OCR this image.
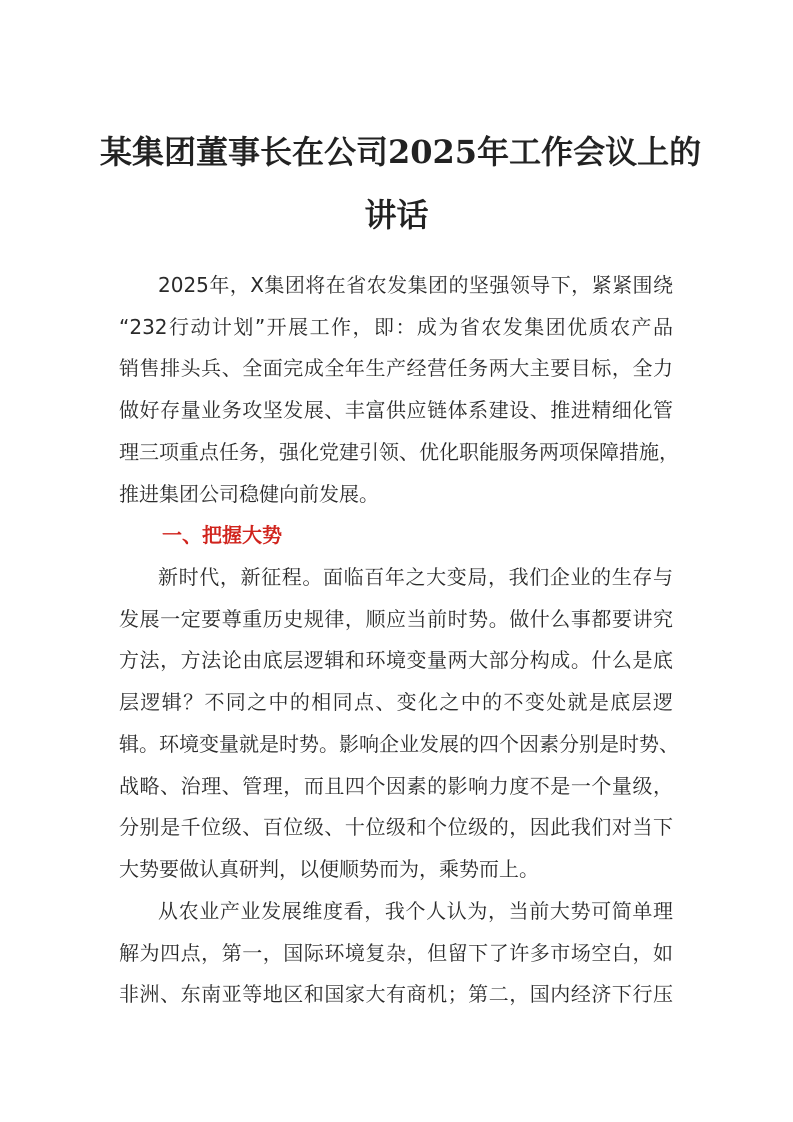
某集团董事长在公司2025年工作会议上的
讲话

2025年，X集团将在省农发集团的坚强领导下，紧紧围绕

“232行动计划”开展工作，即：成为省农发集团优质农产品

销售排头兵、全面完成全年生产经营任务两大主要目标，全力

做好存量业务攻坚发展、丰富供应链体系建设、推进精细化管

理三项重点任务，强化党建引领、优化职能服务两项保障措施，

推进集团公司稳健向前发展。

一、把握大势

新时代，新征程。面临百年之大变局，我们企业的生存与

发展一定要尊重历史规律，顺应当前时势。做什么事都要讲究

方法，方法论由底层逻辑和环境变量两大部分构成。什么是底

层逻辑？不同之中的相同点、变化之中的不变处就是底层逻

辑。环境变量就是时势。影响企业发展的四个因素分别是时势、

战略、治理、管理，而且四个因素的影响力度不是一个量级，

分别是千位级、百位级、十位级和个位级的，因此我们对当下

大势要做认真研判，以便顺势而为，乘势而上。

从农业产业发展维度看，我个人认为，当前大势可简单理

解为四点，第一，国际环境复杂，但留下了许多市场空白，如

非洲、东南亚等地区和国家大有商机；第二，国内经济下行压
